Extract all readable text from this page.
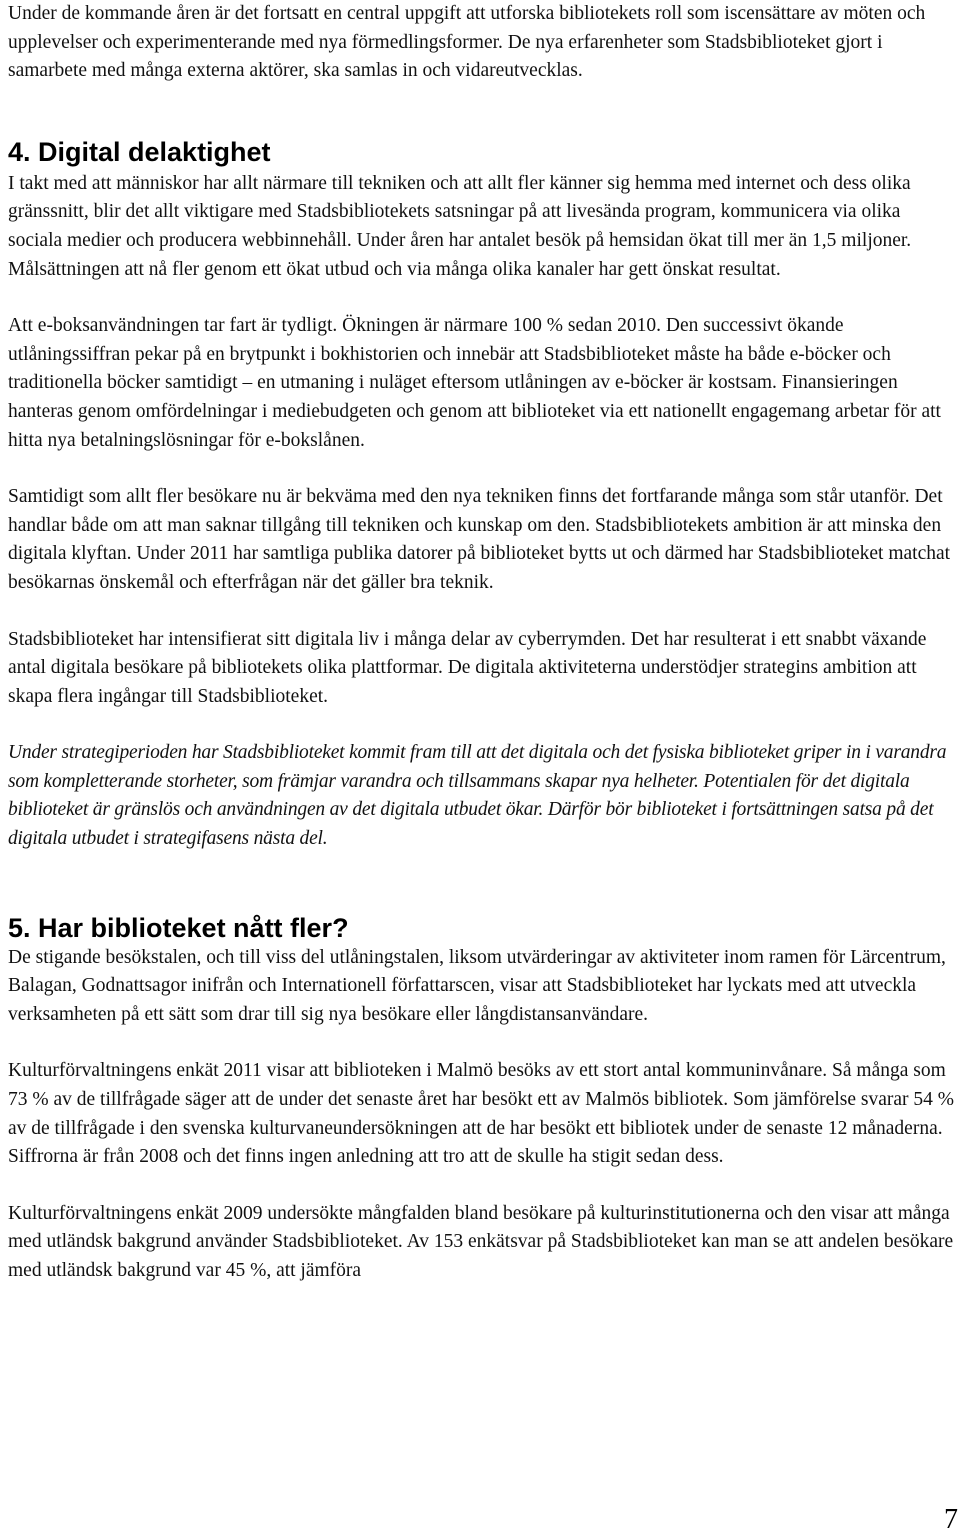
Under de kommande åren är det fortsatt en central uppgift att utforska bibliotekets roll som iscensättare av möten och upplevelser och experimenterande med nya förmedlingsformer. De nya erfarenheter som Stadsbiblioteket gjort i samarbete med många externa aktörer, ska samlas in och vidareutvecklas.

4. Digital delaktighet

I takt med att människor har allt närmare till tekniken och att allt fler känner sig hemma med internet och dess olika gränssnitt, blir det allt viktigare med Stadsbibliotekets satsningar på att livesända program, kommunicera via olika sociala medier och producera webbinnehåll. Under åren har antalet besök på hemsidan ökat till mer än 1,5 miljoner. Målsättningen att nå fler genom ett ökat utbud och via många olika kanaler har gett önskat resultat.

Att e-boksanvändningen tar fart är tydligt. Ökningen är närmare 100 % sedan 2010. Den successivt ökande utlåningssiffran pekar på en brytpunkt i bokhistorien och innebär att Stadsbiblioteket måste ha både e-böcker och traditionella böcker samtidigt – en utmaning i nuläget eftersom utlåningen av e-böcker är kostsam. Finansieringen hanteras genom omfördelningar i mediebudgeten och genom att biblioteket via ett nationellt engagemang arbetar för att hitta nya betalningslösningar för e-bokslånen.

Samtidigt som allt fler besökare nu är bekväma med den nya tekniken finns det fortfarande många som står utanför. Det handlar både om att man saknar tillgång till tekniken och kunskap om den. Stadsbibliotekets ambition är att minska den digitala klyftan. Under 2011 har samtliga publika datorer på biblioteket bytts ut och därmed har Stadsbiblioteket matchat besökarnas önskemål och efterfrågan när det gäller bra teknik.

Stadsbiblioteket har intensifierat sitt digitala liv i många delar av cyberrymden. Det har resulterat i ett snabbt växande antal digitala besökare på bibliotekets olika plattformar. De digitala aktiviteterna understödjer strategins ambition att skapa flera ingångar till Stadsbiblioteket.

Under strategiperioden har Stadsbiblioteket kommit fram till att det digitala och det fysiska biblioteket griper in i varandra som kompletterande storheter, som främjar varandra och tillsammans skapar nya helheter. Potentialen för det digitala biblioteket är gränslös och användningen av det digitala utbudet ökar. Därför bör biblioteket i fortsättningen satsa på det digitala utbudet i strategifasens nästa del.

5. Har biblioteket nått fler?

De stigande besökstalen, och till viss del utlåningstalen, liksom utvärderingar av aktiviteter inom ramen för Lärcentrum, Balagan, Godnattsagor inifrån och Internationell författarscen, visar att Stadsbiblioteket har lyckats med att utveckla verksamheten på ett sätt som drar till sig nya besökare eller långdistansanvändare.

Kulturförvaltningens enkät 2011 visar att biblioteken i Malmö besöks av ett stort antal kommuninvånare. Så många som 73 % av de tillfrågade säger att de under det senaste året har besökt ett av Malmös bibliotek. Som jämförelse svarar 54 % av de tillfrågade i den svenska kulturvaneundersökningen att de har besökt ett bibliotek under de senaste 12 månaderna. Siffrorna är från 2008 och det finns ingen anledning att tro att de skulle ha stigit sedan dess.

Kulturförvaltningens enkät 2009 undersökte mångfalden bland besökare på kulturinstitutionerna och den visar att många med utländsk bakgrund använder Stadsbiblioteket. Av 153 enkätsvar på Stadsbiblioteket kan man se att andelen besökare med utländsk bakgrund var 45 %, att jämföra

7
